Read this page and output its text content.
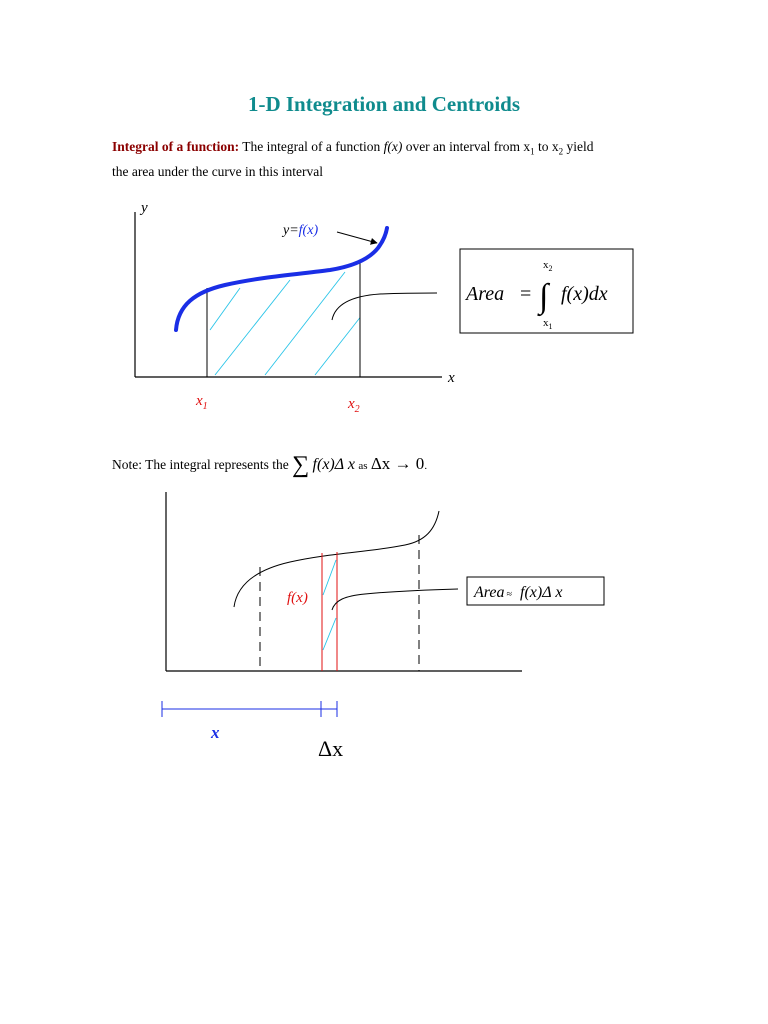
1-D Integration and Centroids

Integral of a function: The integral of a function f(x) over an interval from $x_1$ to $x_2$ yield
the area under the curve in this interval

Note: The integral represents the ∑ f(x)Δ x as Δx → 0.
y
x
y=f(x)
$x_1$	$x_2$
Area = ∫
$x_2$
$x_1$
f(x)dx
f(x)	Area ≈ f(x)Δ x
x
Δx
